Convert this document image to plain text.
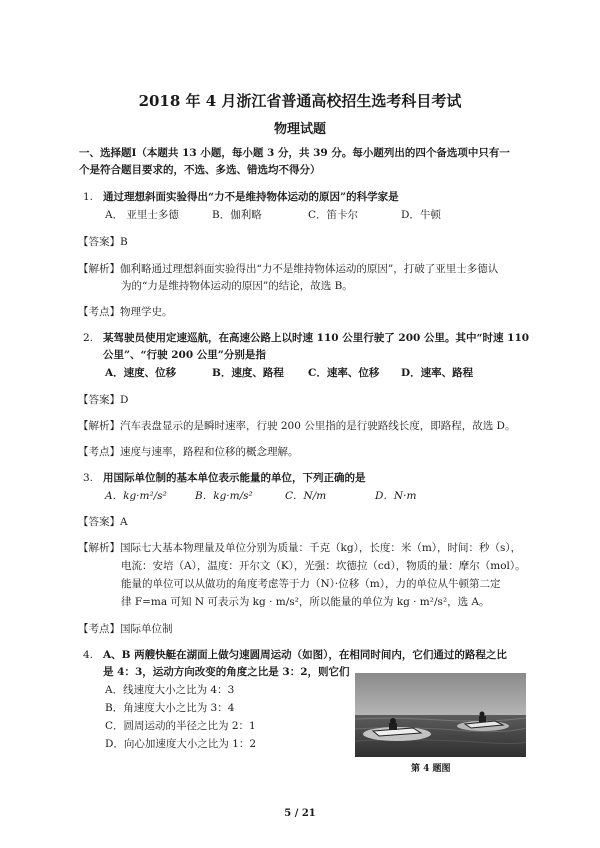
2018 年 4 月浙江省普通高校招生选考科目考试
物理试题
一、选择题Ⅰ（本题共 13 小题，每小题 3 分，共 39 分。每小题列出的四个备选项中只有一
个是符合题目要求的，不选、多选、错选均不得分）
1. 通过理想斜面实验得出“力不是维持物体运动的原因”的科学家是
A． 亚里士多德	B．伽利略	C．笛卡尔	D．牛顿
【答案】B
【解析】伽利略通过理想斜面实验得出“力不是维持物体运动的原因”，打破了亚里士多德认
为的“力是维持物体运动的原因”的结论，故选 B。
【考点】物理学史。
2. 某驾驶员使用定速巡航，在高速公路上以时速 110 公里行驶了 200 公里。其中“时速 110
公里”、“行驶 200 公里”分别是指
A．速度、位移	B．速度、路程 C．速率、位移 D．速率、路程
【答案】D
【解析】汽车表盘显示的是瞬时速率，行驶 200 公里指的是行驶路线长度，即路程，故选 D。
【考点】速度与速率，路程和位移的概念理解。
3. 用国际单位制的基本单位表示能量的单位，下列正确的是
A．kg·m²/s²	B．kg·m/s²	C．N/m	D．N·m
【答案】A
【解析】国际七大基本物理量及单位分别为质量：千克（kg），长度：米（m），时间：秒（s），
电流：安培（A），温度：开尔文（K），光强：坎德拉（cd），物质的量：摩尔（mol）。
能量的单位可以从做功的角度考虑等于力（N）·位移（m），力的单位从牛顿第二定
律 F=ma 可知 N 可表示为 kg · m/s²，所以能量的单位为 kg · m²/s²，选 A。
【考点】国际单位制
4. A、B 两艘快艇在湖面上做匀速圆周运动（如图），在相同时间内，它们通过的路程之比
是 4：3，运动方向改变的角度之比是 3：2，则它们
A．线速度大小之比为 4：3
B．角速度大小之比为 3：4
C．圆周运动的半径之比为 2：1
D．向心加速度大小之比为 1：2
第 4 题图
5 / 21
